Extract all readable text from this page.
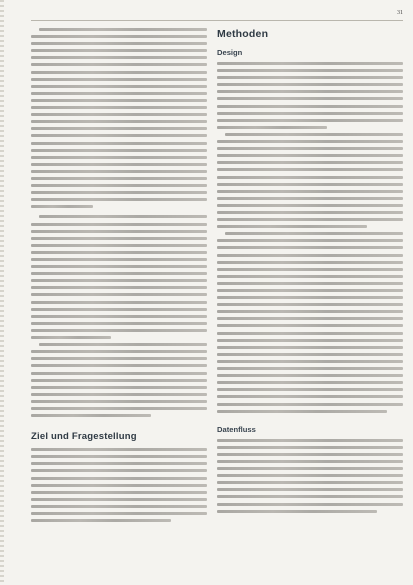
31
Ziel und Fragestellung
Methoden
Design
Datenfluss
